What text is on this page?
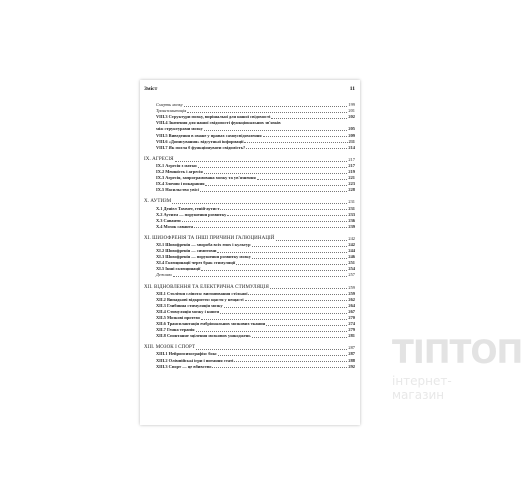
Зміст	11
Смерть мозку	199
Трансплантація	201
VIII.3 Структури мозку, вирішальні для нашої свідомості	202
VIII.4 Значення для нашої свідомості функціональних зв'язків
між структурами мозку	205
VIII.5 Виведення в омане у правах самоусвідомлення	209
VIII.6 «Дописування» відсутньої інформації	211
VIII.7 Як могла б функціонувати свідомість?	214
IX. АГРЕСІЯ	217
IX.1 Агресія з матки	217
IX.2 Меншість і агресія	219
IX.3 Агресія, запрограмована мозку та ув'язнення	221
IX.4 Злочин і покарання	223
IX.5 Насильство увісі	228
X. АУТИЗМ	231
X.1 Деніел Таммет, геній-аутист	231
X.2 Аутизм — порушення розвитку	233
X.3 Саванти	236
X.4 Мозок саванта	239
XI. ШИЗОФРЕНІЯ ТА ІНШІ ПРИЧИНИ ГАЛЮЦИНАЦІЙ	242
XI.1 Шизофренія — хвороба всіх епох і культур	242
XI.2 Шизофренія — симптоми	244
XI.3 Шизофренія — порушення розвитку мозку	246
XI.4 Галюцинації через брак стимуляції	251
XI.5 Інші галюцинації	254
Дежавю	257
XII. ВІДНОВЛЕННЯ ТА ЕЛЕКТРИЧНА СТИМУЛЯЦІЯ	259
XII.1 Столітня сліпота: вигонювання стільної	259
XII.2 Випадкові відкриття: щастя у нещасті	262
XII.3 Глибинна стимуляція мозку	264
XII.4 Стимуляція мозку і книги	267
XII.5 Мозкові протези	270
XII.6 Трансплантація ембріональних мозкових тканин	274
XII.7 Генна терапія	279
XII.8 Спонтанне зцілення мозкових ушкоджень	281
XIII. МОЗОК І СПОРТ	287
XIII.1 Нейропсихографія: бокс	287
XIII.2 Олімпійські ігри і питання статі	288
XIII.3 Спорт — це вбивство	292 ТІПТОП
інтернет-магазин
